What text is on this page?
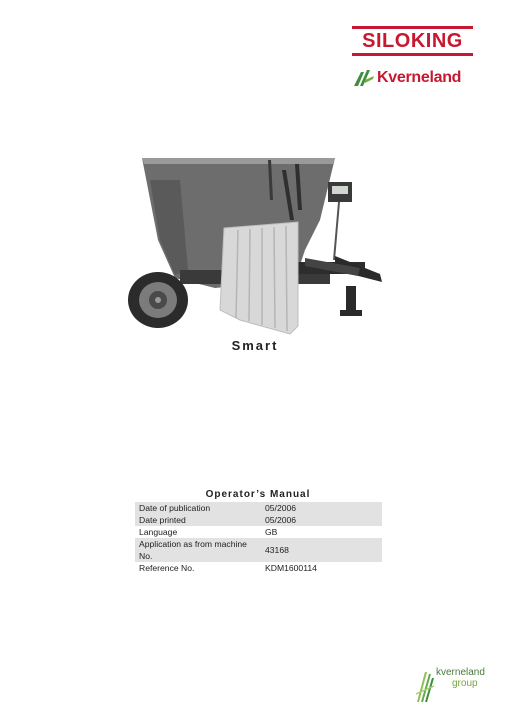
SILOKING
Kverneland
Smart
Operator’s Manual
Date of publication	05/2006
Date printed	05/2006
Language	GB
Application as from machine No.	43168
Reference No.	KDM1600114
kverneland
group
